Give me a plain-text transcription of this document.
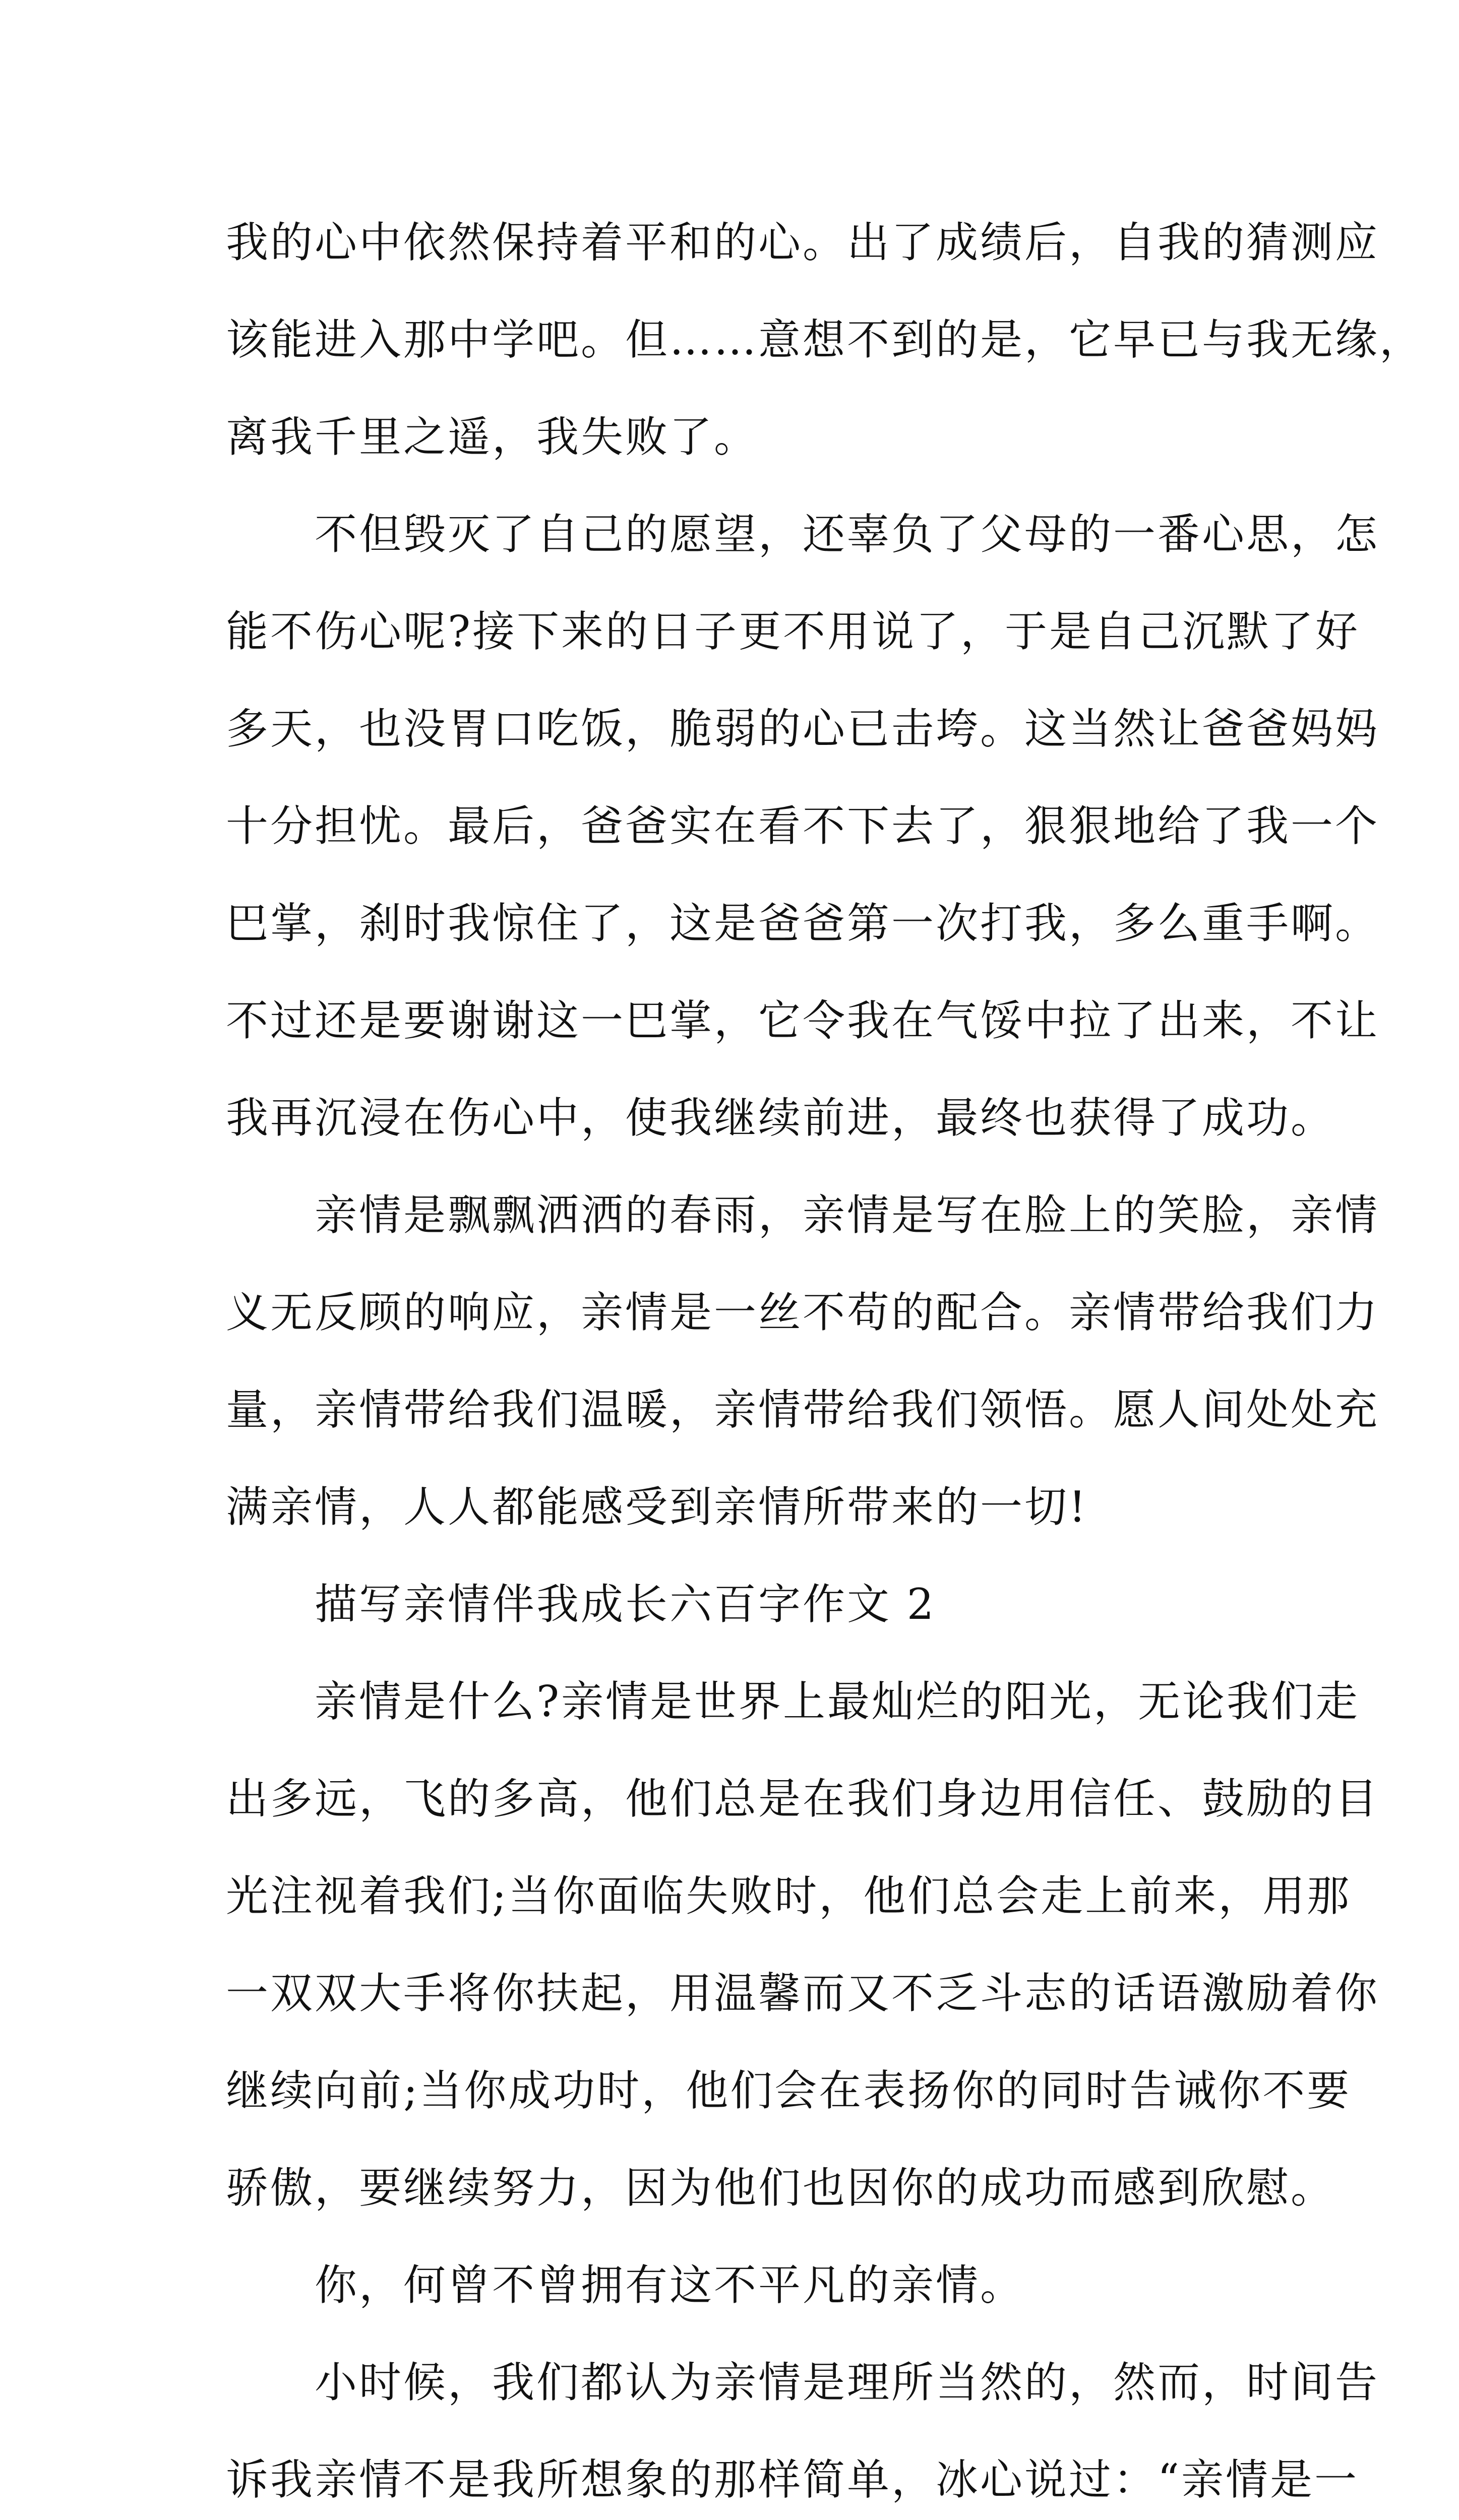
我的心中依然保持着平和的心。出了成绩后，自我的猜测应
该能进入那中学吧。但……意想不到的是，它早已与我无缘，
离我千里之遥，我失败了。
　　不但毁灭了自己的愿望，还辜负了父母的一番心思，怎
能不伤心呢?接下来的日子更不用说了，于是自己沉默了好
多天，也没胃口吃饭，脆弱的心已击垮。这当然让爸爸妈妈
十分担忧。最后，爸爸实在看不下去了，狠狠地给了我一个
巴掌，刹时我惊住了，这是爸爸第一次打我，多么重手啊。
不过还是要谢谢这一巴掌，它令我在气馁中拉了出来，不让
我再沉浸在伤心中，使我继续前进，最终也获得了成功。
　　亲情是飘飘洒洒的春雨，亲情是写在脸上的笑脸，亲情
义无反顾的响应，亲情是一丝不苟的配合。亲情带给我们力
量，亲情带给我们温暖，亲情带给我们领悟。愿人间处处充
满亲情，人人都能感受到亲情所带来的一切!
　　描写亲情伴我成长六百字作文 2
　　亲情是什么?亲情是世界上最灿烂的阳光，无论我们走
出多远，飞的多高，他们总是在我们身边用信任、鼓励的目
光注视着我们;当你面临失败时，他们总会走上前来，用那
一双双大手将你扶起，用温馨而又不乏斗志的话语激励着你
继续向前;当你成功时，他们会在表扬你的同时告诫你不要
骄傲，要继续努力，因为他们也因你的成功而感到欣慰。
　　你，何曾不曾拥有这不平凡的亲情。
　　小时候，我们都认为亲情是理所当然的，然而，时间告
诉我亲情不是我所想象的那样简单，冰心说过：“亲情是一
